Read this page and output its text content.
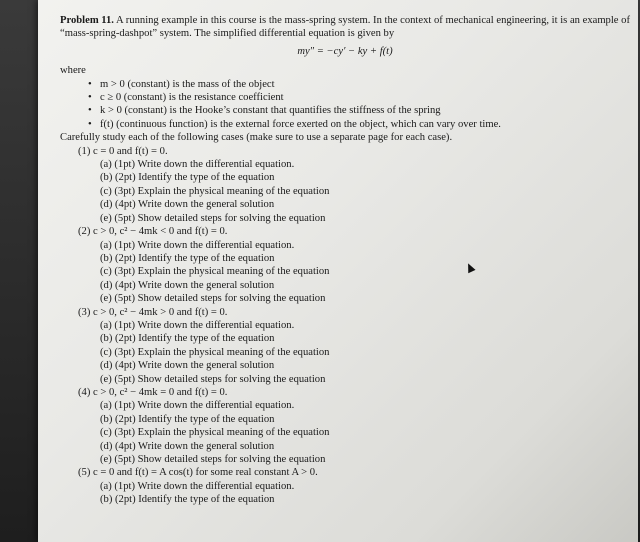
Problem 11. A running example in this course is the mass-spring system. In the context of mechanical engineering, it is an example of “mass-spring-dashpot” system. The simplified differential equation is given by
my″ = −cy′ − ky + f(t)
where
• m > 0 (constant) is the mass of the object
• c ≥ 0 (constant) is the resistance coefficient
• k > 0 (constant) is the Hooke’s constant that quantifies the stiffness of the spring
• f(t) (continuous function) is the external force exerted on the object, which can vary over time.
Carefully study each of the following cases (make sure to use a separate page for each case).
(1) c = 0 and f(t) = 0.
(a) (1pt) Write down the differential equation.
(b) (2pt) Identify the type of the equation
(c) (3pt) Explain the physical meaning of the equation
(d) (4pt) Write down the general solution
(e) (5pt) Show detailed steps for solving the equation
(2) c > 0, c² − 4mk < 0 and f(t) = 0.
(a) (1pt) Write down the differential equation.
(b) (2pt) Identify the type of the equation
(c) (3pt) Explain the physical meaning of the equation
(d) (4pt) Write down the general solution
(e) (5pt) Show detailed steps for solving the equation
(3) c > 0, c² − 4mk > 0 and f(t) = 0.
(a) (1pt) Write down the differential equation.
(b) (2pt) Identify the type of the equation
(c) (3pt) Explain the physical meaning of the equation
(d) (4pt) Write down the general solution
(e) (5pt) Show detailed steps for solving the equation
(4) c > 0, c² − 4mk = 0 and f(t) = 0.
(a) (1pt) Write down the differential equation.
(b) (2pt) Identify the type of the equation
(c) (3pt) Explain the physical meaning of the equation
(d) (4pt) Write down the general solution
(e) (5pt) Show detailed steps for solving the equation
(5) c = 0 and f(t) = A cos(t) for some real constant A > 0.
(a) (1pt) Write down the differential equation.
(b) (2pt) Identify the type of the equation
